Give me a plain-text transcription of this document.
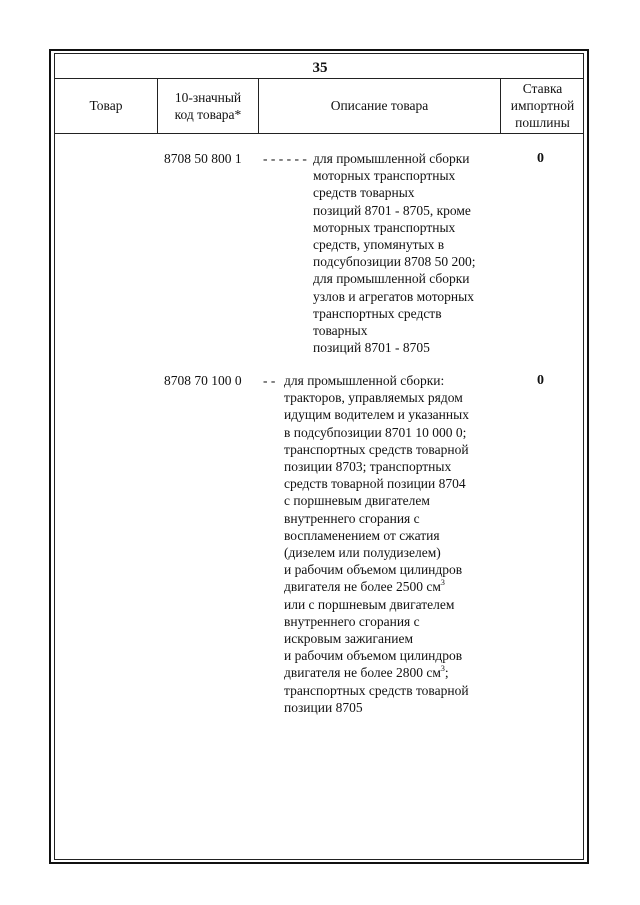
35
Товар
10-значный
код товара*
Описание товара
Ставка
импортной
пошлины
8708 50 800 1 - - - - - - для промышленной сборки
моторных транспортных
средств товарных
позиций 8701 - 8705, кроме
моторных транспортных
средств, упомянутых в
подсубпозиции 8708 50 200;
для промышленной сборки
узлов и агрегатов моторных
транспортных средств
товарных
позиций 8701 - 8705
0
8708 70 100 0 - - для промышленной сборки:
тракторов, управляемых рядом
идущим водителем и указанных
в подсубпозиции 8701 10 000 0;
транспортных средств товарной
позиции 8703; транспортных
средств товарной позиции 8704
с поршневым двигателем
внутреннего сгорания с
воспламенением от сжатия
(дизелем или полудизелем)
и рабочим объемом цилиндров
двигателя не более 2500 $см^3$
или с поршневым двигателем
внутреннего сгорания с
искровым зажиганием
и рабочим объемом цилиндров
двигателя не более 2800 $см^3$;
транспортных средств товарной
позиции 8705
0
